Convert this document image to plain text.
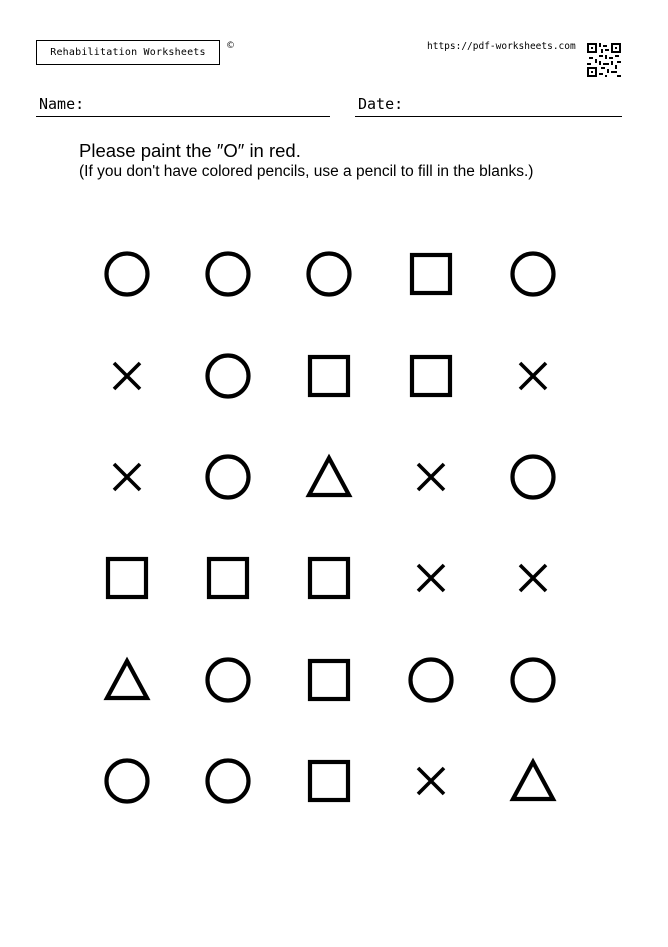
Rehabilitation Worksheets
©	https://pdf-worksheets.com
Name:	Date:
Please paint the ″O″ in red.
(If you don't have colored pencils, use a pencil to fill in the blanks.)
